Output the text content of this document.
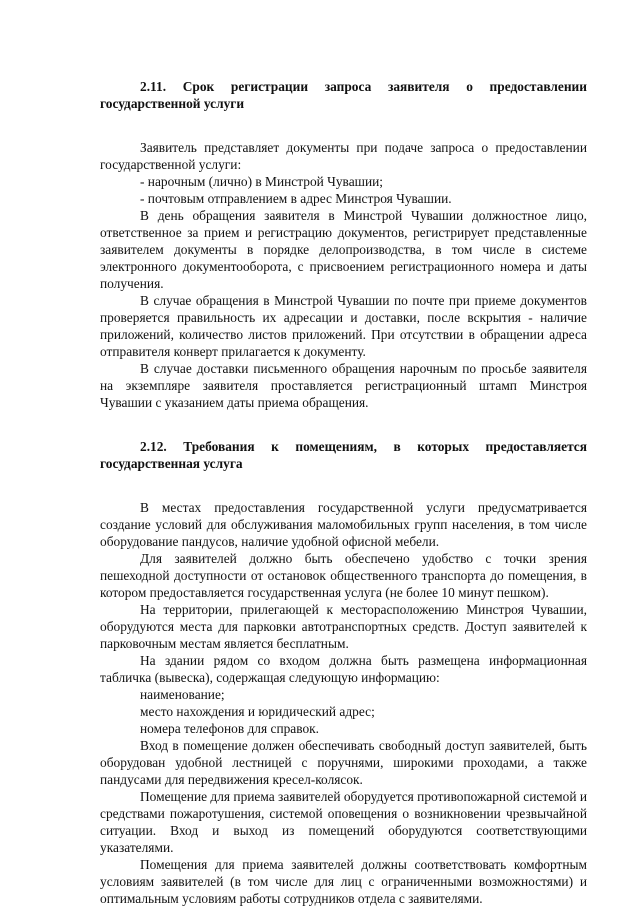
2.11. Срок регистрации запроса заявителя о предоставлении
государственной услуги

Заявитель представляет документы при подаче запроса о предоставлении государственной услуги:

- нарочным (лично) в Минстрой Чувашии;

- почтовым отправлением в адрес Минстроя Чувашии.

В день обращения заявителя в Минстрой Чувашии должностное лицо, ответственное за прием и регистрацию документов, регистрирует представленные заявителем документы в порядке делопроизводства, в том числе в системе электронного документооборота, с присвоением регистрационного номера и даты получения.

В случае обращения в Минстрой Чувашии по почте при приеме документов проверяется правильность их адресации и доставки, после вскрытия - наличие приложений, количество листов приложений. При отсутствии в обращении адреса отправителя конверт прилагается к документу.

В случае доставки письменного обращения нарочным по просьбе заявителя на экземпляре заявителя проставляется регистрационный штамп Минстроя Чувашии с указанием даты приема обращения.

2.12. Требования к помещениям, в которых предоставляется
государственная услуга

В местах предоставления государственной услуги предусматривается создание условий для обслуживания маломобильных групп населения, в том числе оборудование пандусов, наличие удобной офисной мебели.

Для заявителей должно быть обеспечено удобство с точки зрения пешеходной доступности от остановок общественного транспорта до помещения, в котором предоставляется государственная услуга (не более 10 минут пешком).

На территории, прилегающей к месторасположению Минстроя Чувашии, оборудуются места для парковки автотранспортных средств. Доступ заявителей к парковочным местам является бесплатным.

На здании рядом со входом должна быть размещена информационная табличка (вывеска), содержащая следующую информацию:

наименование;

место нахождения и юридический адрес;

номера телефонов для справок.

Вход в помещение должен обеспечивать свободный доступ заявителей, быть оборудован удобной лестницей с поручнями, широкими проходами, а также пандусами для передвижения кресел-колясок.

Помещение для приема заявителей оборудуется противопожарной системой и средствами пожаротушения, системой оповещения о возникновении чрезвычайной ситуации. Вход и выход из помещений оборудуются соответствующими указателями.

Помещения для приема заявителей должны соответствовать комфортным условиям заявителей (в том числе для лиц с ограниченными возможностями) и оптимальным условиям работы сотрудников отдела с заявителями.
